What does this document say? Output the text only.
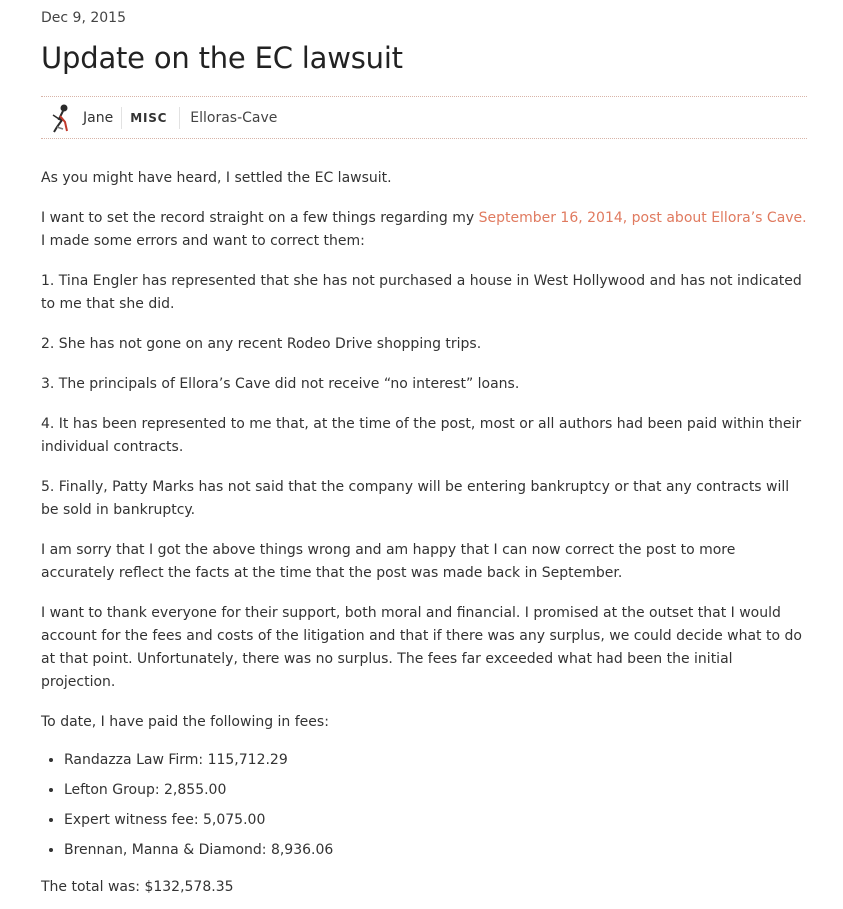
Dec 9, 2015

Update on the EC lawsuit
Jane	MISC	Elloras-Cave

As you might have heard, I settled the EC lawsuit.

I want to set the record straight on a few things regarding my September 16, 2014, post about Ellora’s Cave. I made some errors and want to correct them:

1. Tina Engler has represented that she has not purchased a house in West Hollywood and has not indicated to me that she did.

2. She has not gone on any recent Rodeo Drive shopping trips.

3. The principals of Ellora’s Cave did not receive “no interest” loans.

4. It has been represented to me that, at the time of the post, most or all authors had been paid within their individual contracts.

5. Finally, Patty Marks has not said that the company will be entering bankruptcy or that any contracts will be sold in bankruptcy.

I am sorry that I got the above things wrong and am happy that I can now correct the post to more accurately reflect the facts at the time that the post was made back in September.

I want to thank everyone for their support, both moral and financial. I promised at the outset that I would account for the fees and costs of the litigation and that if there was any surplus, we could decide what to do at that point. Unfortunately, there was no surplus. The fees far exceeded what had been the initial projection.

To date, I have paid the following in fees:

• Randazza Law Firm: 115,712.29
• Lefton Group: 2,855.00
• Expert witness fee: 5,075.00
• Brennan, Manna & Diamond: 8,936.06

The total was: $132,578.35
